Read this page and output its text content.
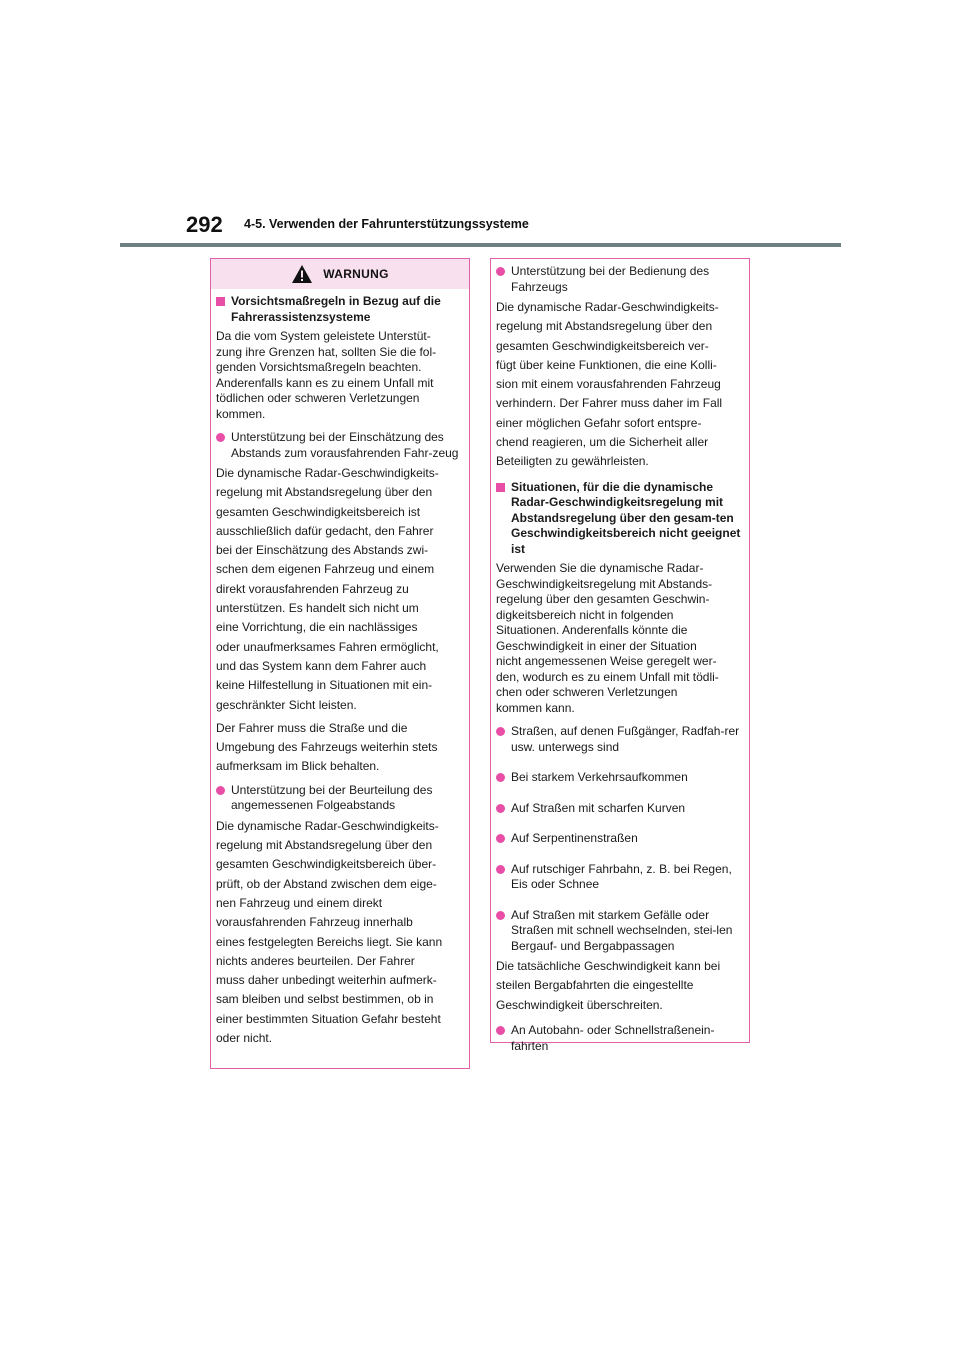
292 4-5. Verwenden der Fahrunterstützungssysteme
WARNUNG
Vorsichtsmaßregeln in Bezug auf die Fahrerassistenzsysteme
Da die vom System geleistete Unterstüt-
zung ihre Grenzen hat, sollten Sie die fol-
genden Vorsichtsmaßregeln beachten.
Anderenfalls kann es zu einem Unfall mit
tödlichen oder schweren Verletzungen
kommen.
Unterstützung bei der Einschätzung des Abstands zum vorausfahrenden Fahr-zeug

Die dynamische Radar-Geschwindigkeits-

regelung mit Abstandsregelung über den

gesamten Geschwindigkeitsbereich ist

ausschließlich dafür gedacht, den Fahrer

bei der Einschätzung des Abstands zwi-

schen dem eigenen Fahrzeug und einem

direkt vorausfahrenden Fahrzeug zu

unterstützen. Es handelt sich nicht um

eine Vorrichtung, die ein nachlässiges

oder unaufmerksames Fahren ermöglicht,

und das System kann dem Fahrer auch

keine Hilfestellung in Situationen mit ein-

geschränkter Sicht leisten.

Der Fahrer muss die Straße und die

Umgebung des Fahrzeugs weiterhin stets

aufmerksam im Blick behalten.

Unterstützung bei der Beurteilung des angemessenen Folgeabstands

Die dynamische Radar-Geschwindigkeits-

regelung mit Abstandsregelung über den

gesamten Geschwindigkeitsbereich über-

prüft, ob der Abstand zwischen dem eige-

nen Fahrzeug und einem direkt

vorausfahrenden Fahrzeug innerhalb

eines festgelegten Bereichs liegt. Sie kann

nichts anderes beurteilen. Der Fahrer

muss daher unbedingt weiterhin aufmerk-

sam bleiben und selbst bestimmen, ob in

einer bestimmten Situation Gefahr besteht

oder nicht.

Unterstützung bei der Bedienung des Fahrzeugs

Die dynamische Radar-Geschwindigkeits-

regelung mit Abstandsregelung über den

gesamten Geschwindigkeitsbereich ver-

fügt über keine Funktionen, die eine Kolli-

sion mit einem vorausfahrenden Fahrzeug

verhindern. Der Fahrer muss daher im Fall

einer möglichen Gefahr sofort entspre-

chend reagieren, um die Sicherheit aller

Beteiligten zu gewährleisten.

Situationen, für die die dynamische Radar-Geschwindigkeitsregelung mit Abstandsregelung über den gesam-ten Geschwindigkeitsbereich nicht geeignet ist
Verwenden Sie die dynamische Radar-
Geschwindigkeitsregelung mit Abstands-
regelung über den gesamten Geschwin-
digkeitsbereich nicht in folgenden
Situationen. Anderenfalls könnte die
Geschwindigkeit in einer der Situation
nicht angemessenen Weise geregelt wer-
den, wodurch es zu einem Unfall mit tödli-
chen oder schweren Verletzungen
kommen kann.
Straßen, auf denen Fußgänger, Radfah-rer usw. unterwegs sind
Bei starkem Verkehrsaufkommen
Auf Straßen mit scharfen Kurven
Auf Serpentinenstraßen
Auf rutschiger Fahrbahn, z. B. bei Regen, Eis oder Schnee
Auf Straßen mit starkem Gefälle oder Straßen mit schnell wechselnden, stei-len Bergauf- und Bergabpassagen

Die tatsächliche Geschwindigkeit kann bei

steilen Bergabfahrten die eingestellte

Geschwindigkeit überschreiten.

An Autobahn- oder Schnellstraßenein-fahrten
